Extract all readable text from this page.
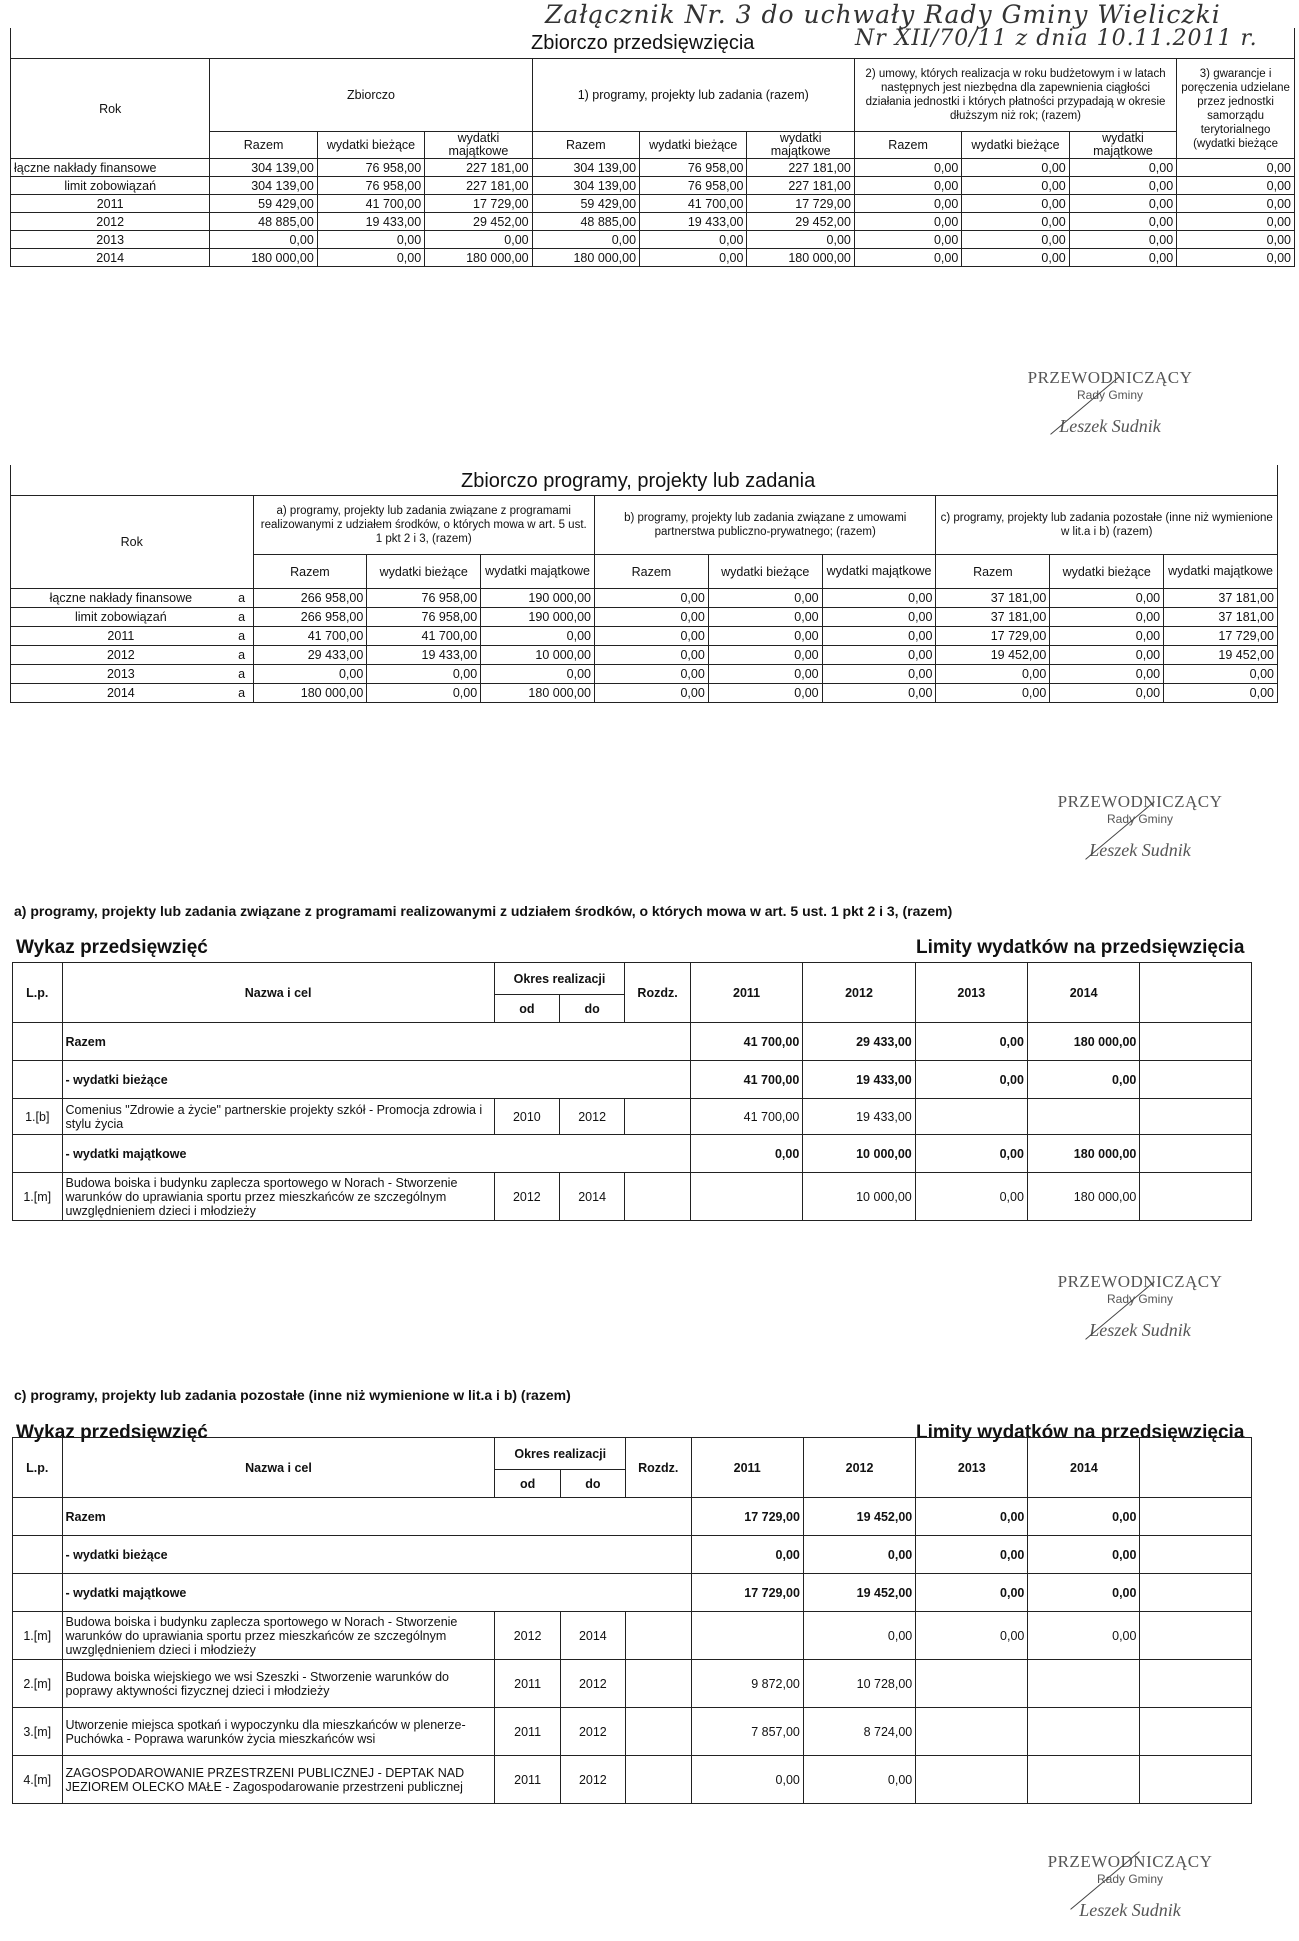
Załącznik Nr. 3 do uchwały Rady Gminy Wieliczki
Nr XII/70/11 z dnia 10.11.2011 r.
Zbiorczo przedsięwzięcia										

Rok	Zbiorczo			1) programy, projekty lub zadania (razem)			2) umowy, których realizacja w roku budżetowym i w latach następnych jest niezbędna dla zapewnienia ciągłości działania jednostki i których płatności przypadają w okresie dłuższym niż rok; (razem)			3) gwarancje i poręczenia udzielane przez jednostki samorządu terytorialnego (wydatki bieżące
	Razem	wydatki bieżące	wydatki majątkowe	Razem	wydatki bieżące	wydatki majątkowe	Razem	wydatki bieżące	wydatki majątkowe	
łączne nakłady finansowe	304 139,00	76 958,00	227 181,00	304 139,00	76 958,00	227 181,00	0,00	0,00	0,00	0,00
limit zobowiązań	304 139,00	76 958,00	227 181,00	304 139,00	76 958,00	227 181,00	0,00	0,00	0,00	0,00
2011	59 429,00	41 700,00	17 729,00	59 429,00	41 700,00	17 729,00	0,00	0,00	0,00	0,00
2012	48 885,00	19 433,00	29 452,00	48 885,00	19 433,00	29 452,00	0,00	0,00	0,00	0,00
2013	0,00	0,00	0,00	0,00	0,00	0,00	0,00	0,00	0,00	0,00
2014	180 000,00	0,00	180 000,00	180 000,00	0,00	180 000,00	0,00	0,00	0,00	0,00
PRZEWODNICZĄCY
Rady Gminy
Leszek Sudnik
Zbiorczo programy, projekty lub zadania										

Rok		a) programy, projekty lub zadania związane z programami realizowanymi z udziałem środków, o których mowa w art. 5 ust. 1 pkt 2 i 3, (razem)			b) programy, projekty lub zadania związane z umowami partnerstwa publiczno-prywatnego; (razem)			c) programy, projekty lub zadania pozostałe (inne niż wymienione w lit.a i b) (razem)		
		Razem	wydatki bieżące	wydatki majątkowe	Razem	wydatki bieżące	wydatki majątkowe	Razem	wydatki bieżące	wydatki majątkowe
łączne nakłady finansowe	a	266 958,00	76 958,00	190 000,00	0,00	0,00	0,00	37 181,00	0,00	37 181,00
limit zobowiązań	a	266 958,00	76 958,00	190 000,00	0,00	0,00	0,00	37 181,00	0,00	37 181,00
2011	a	41 700,00	41 700,00	0,00	0,00	0,00	0,00	17 729,00	0,00	17 729,00
2012	a	29 433,00	19 433,00	10 000,00	0,00	0,00	0,00	19 452,00	0,00	19 452,00
2013	a	0,00	0,00	0,00	0,00	0,00	0,00	0,00	0,00	0,00
2014	a	180 000,00	0,00	180 000,00	0,00	0,00	0,00	0,00	0,00	0,00
PRZEWODNICZĄCY
Rady Gminy
Leszek Sudnik
a) programy, projekty lub zadania związane z programami realizowanymi z udziałem środków, o których mowa w art. 5 ust. 1 pkt 2 i 3, (razem)
Wykaz przedsięwzięć	Limity wydatków na przedsięwzięcia
L.p.	Nazwa i cel	Okres realizacji		Rozdz.	2011	2012	2013	2014	
		od	do						
	Razem				41 700,00	29 433,00	0,00	180 000,00	
	- wydatki bieżące				41 700,00	19 433,00	0,00	0,00	
1.[b]	Comenius "Zdrowie a życie" partnerskie projekty szkół - Promocja zdrowia i stylu życia	2010	2012		41 700,00	19 433,00			
	- wydatki majątkowe				0,00	10 000,00	0,00	180 000,00	
1.[m]	Budowa boiska i budynku zaplecza sportowego w Norach - Stworzenie warunków do uprawiania sportu przez mieszkańców ze szczególnym uwzględnieniem dzieci i młodzieży	2012	2014			10 000,00	0,00	180 000,00	
PRZEWODNICZĄCY
Rady Gminy
Leszek Sudnik
c) programy, projekty lub zadania pozostałe (inne niż wymienione w lit.a i b) (razem)
Wykaz przedsięwzięć	Limity wydatków na przedsięwzięcia
L.p.	Nazwa i cel	Okres realizacji		Rozdz.	2011	2012	2013	2014	
		od	do						
	Razem				17 729,00	19 452,00	0,00	0,00	
	- wydatki bieżące				0,00	0,00	0,00	0,00	
	- wydatki majątkowe				17 729,00	19 452,00	0,00	0,00	
1.[m]	Budowa boiska i budynku zaplecza sportowego w Norach - Stworzenie warunków do uprawiania sportu przez mieszkańców ze szczególnym uwzględnieniem dzieci i młodzieży	2012	2014			0,00	0,00	0,00	
2.[m]	Budowa boiska wiejskiego we wsi Szeszki - Stworzenie warunków do poprawy aktywności fizycznej dzieci i młodzieży	2011	2012		9 872,00	10 728,00			
3.[m]	Utworzenie miejsca spotkań i wypoczynku dla mieszkańców w plenerze- Puchówka - Poprawa warunków życia mieszkańców wsi	2011	2012		7 857,00	8 724,00			
4.[m]	ZAGOSPODAROWANIE PRZESTRZENI PUBLICZNEJ - DEPTAK NAD JEZIOREM OLECKO MAŁE - Zagospodarowanie przestrzeni publicznej	2011	2012		0,00	0,00			
PRZEWODNICZĄCY
Rady Gminy
Leszek Sudnik
